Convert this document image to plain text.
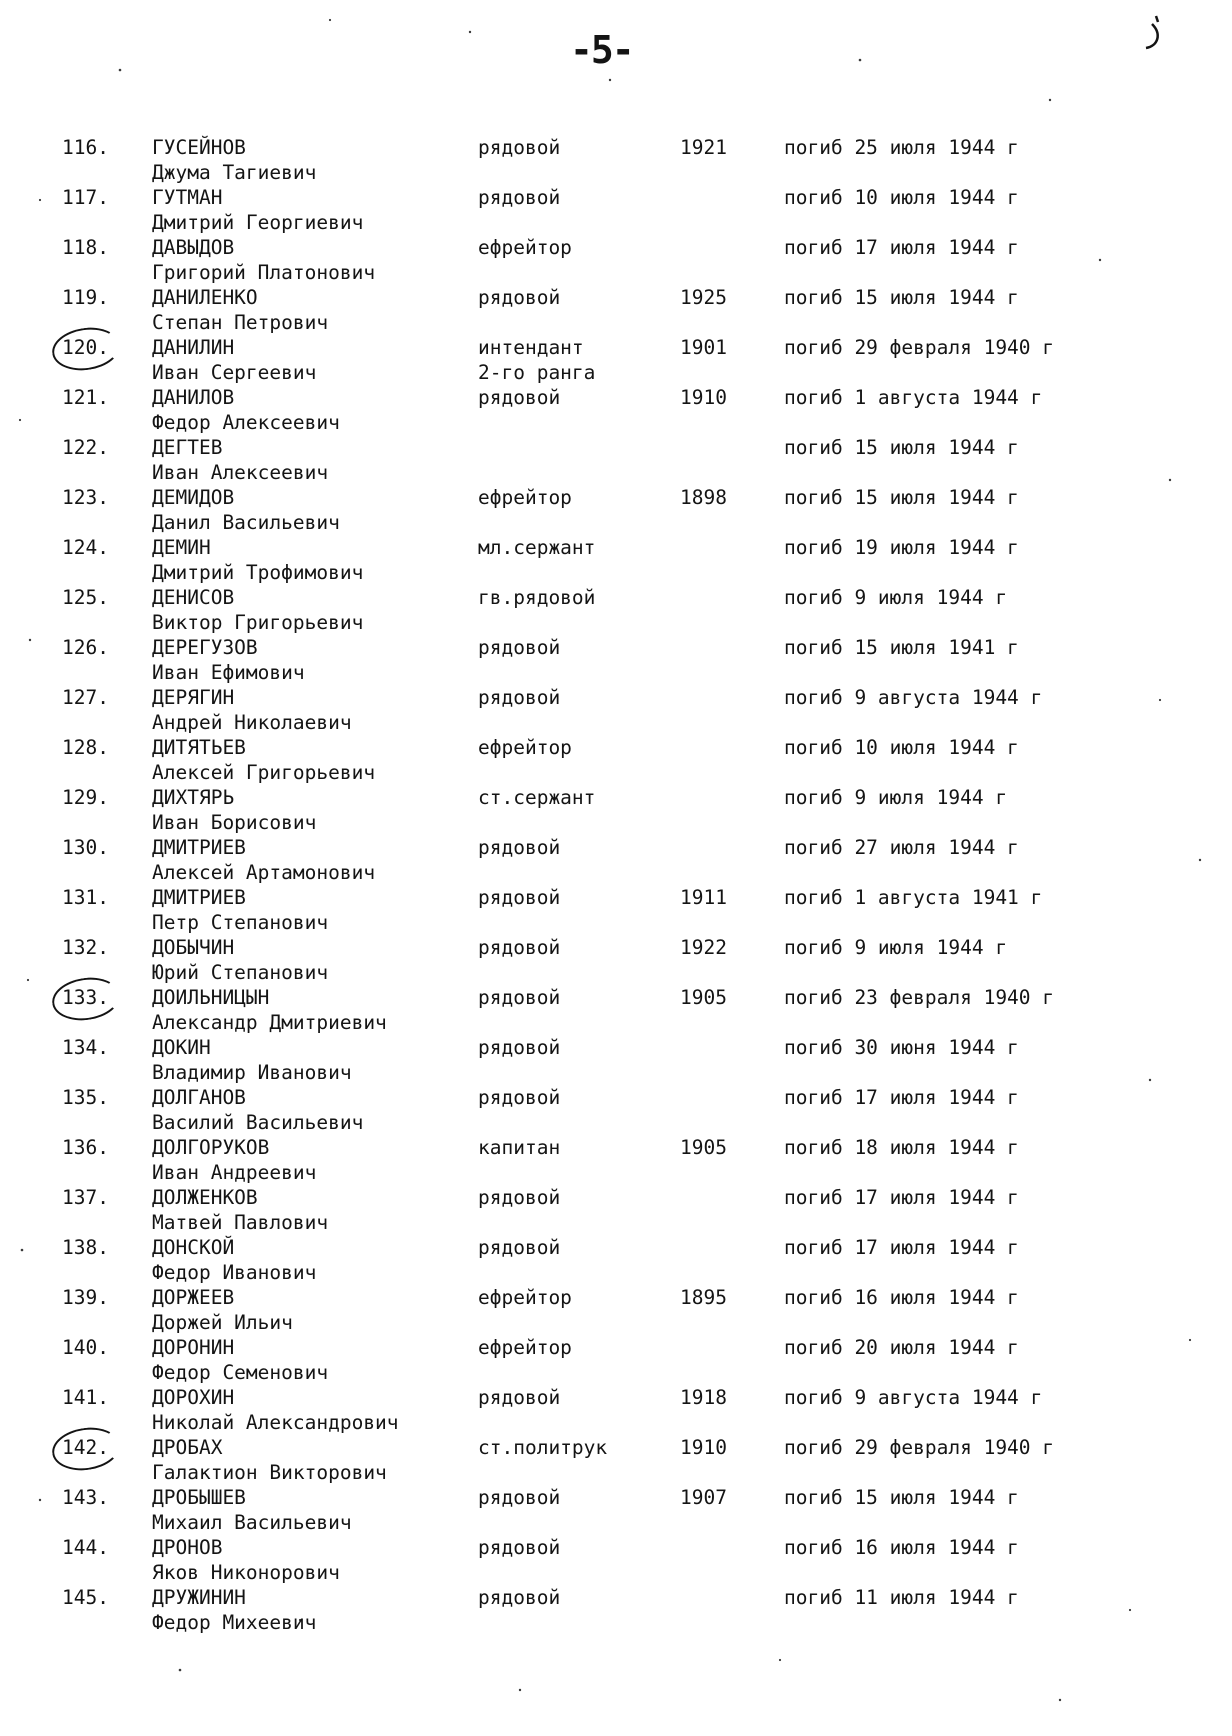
-5-
116. ГУСЕЙНОВ
Джума Тагиевич
рядовой	1921	погиб 25 июля 1944 г
117. ГУТМАН
Дмитрий Георгиевич
рядовой	погиб 10 июля 1944 г
118. ДАВЫДОВ
Григорий Платонович
ефрейтор	погиб 17 июля 1944 г
119. ДАНИЛЕНКО
Степан Петрович
рядовой	1925	погиб 15 июля 1944 г
120. ДАНИЛИН
Иван Сергеевич
интендант
2-го ранга
1901	погиб 29 февраля 1940 г
121. ДАНИЛОВ
Федор Алексеевич
рядовой	1910	погиб 1 августа 1944 г
122. ДЕГТЕВ
Иван Алексеевич
погиб 15 июля 1944 г
123. ДЕМИДОВ
Данил Васильевич
ефрейтор	1898	погиб 15 июля 1944 г
124. ДЕМИН
Дмитрий Трофимович
мл.сержант	погиб 19 июля 1944 г
125. ДЕНИСОВ
Виктор Григорьевич
гв.рядовой	погиб 9 июля 1944 г
126. ДЕРЕГУЗОВ
Иван Ефимович
рядовой	погиб 15 июля 1941 г
127. ДЕРЯГИН
Андрей Николаевич
рядовой	погиб 9 августа 1944 г
128. ДИТЯТЬЕВ
Алексей Григорьевич
ефрейтор	погиб 10 июля 1944 г
129. ДИХТЯРЬ
Иван Борисович
ст.сержант	погиб 9 июля 1944 г
130. ДМИТРИЕВ
Алексей Артамонович
рядовой	погиб 27 июля 1944 г
131. ДМИТРИЕВ
Петр Степанович
рядовой	1911	погиб 1 августа 1941 г
132. ДОБЫЧИН
Юрий Степанович
рядовой	1922	погиб 9 июля 1944 г
133. ДОИЛЬНИЦЫН
Александр Дмитриевич
рядовой	1905	погиб 23 февраля 1940 г
134. ДОКИН
Владимир Иванович
рядовой	погиб 30 июня 1944 г
135. ДОЛГАНОВ
Василий Васильевич
рядовой	погиб 17 июля 1944 г
136. ДОЛГОРУКОВ
Иван Андреевич
капитан	1905	погиб 18 июля 1944 г
137. ДОЛЖЕНКОВ
Матвей Павлович
рядовой	погиб 17 июля 1944 г
138. ДОНСКОЙ
Федор Иванович
рядовой	погиб 17 июля 1944 г
139. ДОРЖЕЕВ
Доржей Ильич
ефрейтор	1895	погиб 16 июля 1944 г
140. ДОРОНИН
Федор Семенович
ефрейтор	погиб 20 июля 1944 г
141. ДОРОХИН
Николай Александрович
рядовой	1918	погиб 9 августа 1944 г
142. ДРОБАХ
Галактион Викторович
ст.политрук	1910	погиб 29 февраля 1940 г
143. ДРОБЫШЕВ
Михаил Васильевич
рядовой	1907	погиб 15 июля 1944 г
144. ДРОНОВ
Яков Никонорович
рядовой	погиб 16 июля 1944 г
145. ДРУЖИНИН
Федор Михеевич
рядовой	погиб 11 июля 1944 г
